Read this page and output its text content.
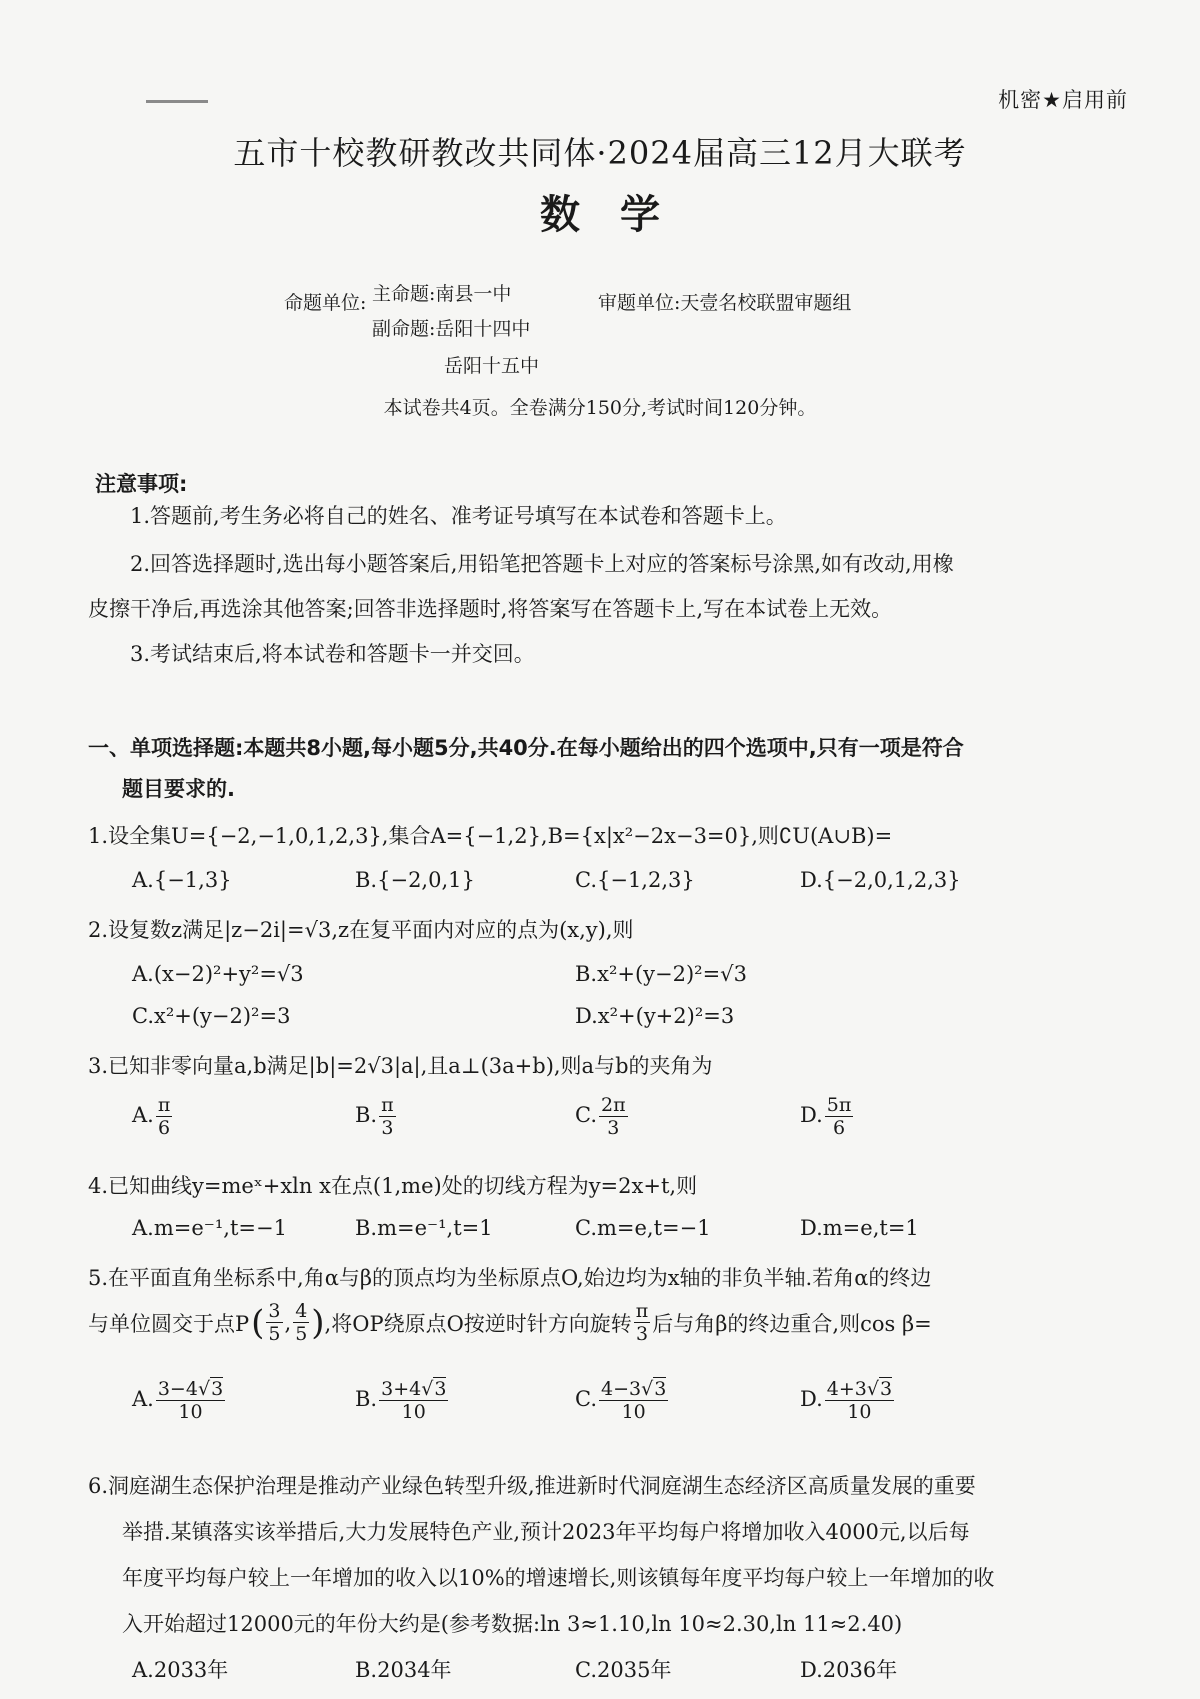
机密★启用前
五市十校教研教改共同体·2024届高三12月大联考
数学
命题单位: 主命题:南县一中
副命题:岳阳十四中
岳阳十五中
审题单位:天壹名校联盟审题组
本试卷共4页。全卷满分150分,考试时间120分钟。
注意事项:
1.答题前,考生务必将自己的姓名、准考证号填写在本试卷和答题卡上。
2.回答选择题时,选出每小题答案后,用铅笔把答题卡上对应的答案标号涂黑,如有改动,用橡
皮擦干净后,再选涂其他答案;回答非选择题时,将答案写在答题卡上,写在本试卷上无效。
3.考试结束后,将本试卷和答题卡一并交回。
一、单项选择题:本题共8小题,每小题5分,共40分.在每小题给出的四个选项中,只有一项是符合
题目要求的.
1.设全集U={−2,−1,0,1,2,3},集合A={−1,2},B={x|x²−2x−3=0},则∁U(A∪B)=
A.{−1,3}	B.{−2,0,1}	C.{−1,2,3}	D.{−2,0,1,2,3}
2.设复数z满足|z−2i|=√3,z在复平面内对应的点为(x,y),则
A.(x−2)²+y²=√3	B.x²+(y−2)²=√3
C.x²+(y−2)²=3	D.x²+(y+2)²=3
3.已知非零向量a,b满足|b|=2√3|a|,且a⊥(3a+b),则a与b的夹角为
A. $\frac{\pi}{6}$	B. $\frac{\pi}{3}$	C. $\frac{2\pi}{3}$	D. $\frac{5\pi}{6}$
4.已知曲线y=meˣ+xln x在点(1,me)处的切线方程为y=2x+t,则
A.m=e⁻¹,t=−1	B.m=e⁻¹,t=1	C.m=e,t=−1	D.m=e,t=1
5.在平面直角坐标系中,角α与β的顶点均为坐标原点O,始边均为x轴的非负半轴.若角α的终边
与单位圆交于点P ( $\frac{3}{5}$ , $\frac{4}{5}$ ) ,将OP绕原点O按逆时针方向旋转 $\frac{\pi}{3}$ 后与角β的终边重合,则cos β=
A. $\frac{3-4√3}{10}$	B. $\frac{3+4√3}{10}$	C. $\frac{4-3√3}{10}$	D. $\frac{4+3√3}{10}$
6.洞庭湖生态保护治理是推动产业绿色转型升级,推进新时代洞庭湖生态经济区高质量发展的重要
举措.某镇落实该举措后,大力发展特色产业,预计2023年平均每户将增加收入4000元,以后每
年度平均每户较上一年增加的收入以10%的增速增长,则该镇每年度平均每户较上一年增加的收
入开始超过12000元的年份大约是(参考数据:ln 3≈1.10,ln 10≈2.30,ln 11≈2.40)
A.2033年	B.2034年	C.2035年	D.2036年
